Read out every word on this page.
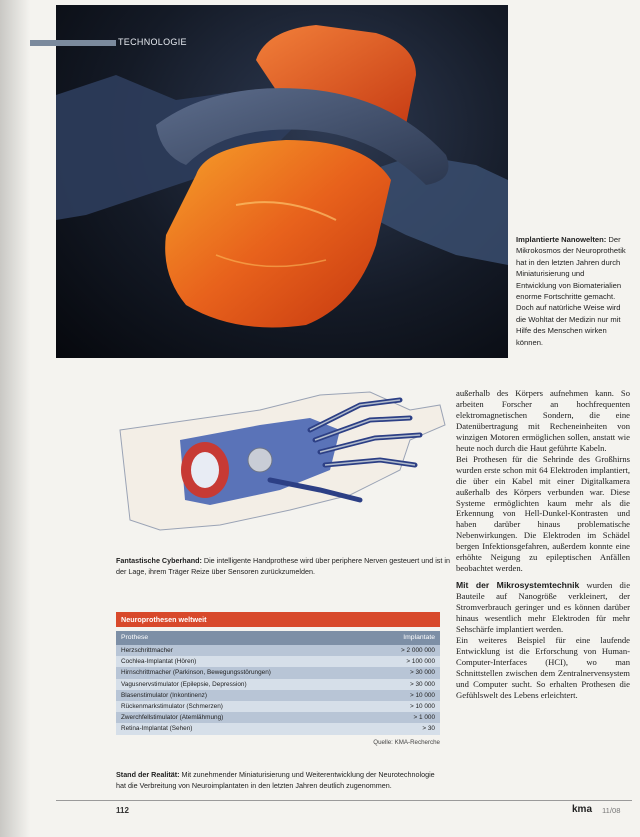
TECHNOLOGIE
Implantierte Nanowelten: Der Mikrokosmos der Neuroprothetik hat in den letzten Jahren durch Miniaturisierung und Entwicklung von Biomaterialien enorme Fortschritte gemacht. Doch auf natürliche Weise wird die Wohltat der Medizin nur mit Hilfe des Menschen wirken können.
Fantastische Cyberhand: Die intelligente Handprothese wird über periphere Nerven gesteuert und ist in der Lage, ihrem Träger Reize über Sensoren zurückzumelden.
Neuroprothesen weltweit
Prothese	Implantate
Herzschrittmacher	> 2 000 000
Cochlea-Implantat (Hören)	> 100 000
Hirnschrittmacher (Parkinson, Bewegungsstörungen)	> 30 000
Vagusnervstimulator (Epilepsie, Depression)	> 30 000
Blasenstimulator (Inkontinenz)	> 10 000
Rückenmarkstimulator (Schmerzen)	> 10 000
Zwerchfellstimulator (Atemlähmung)	> 1 000
Retina-Implantat (Sehen)	> 30
Quelle: KMA-Recherche
Stand der Realität: Mit zunehmender Miniaturisierung und Weiterentwicklung der Neurotechnologie hat die Verbreitung von Neuroimplantaten in den letzten Jahren deutlich zugenommen.

außerhalb des Körpers aufnehmen kann. So arbeiten Forscher an hochfrequenten elektromagnetischen Sondern, die eine Datenübertragung mit Recheneinheiten von winzigen Motoren ermöglichen sollen, anstatt wie heute noch durch die Haut geführte Kabeln.

Bei Prothesen für die Sehrinde des Großhirns wurden erste schon mit 64 Elektroden implantiert, die über ein Kabel mit einer Digitalkamera außerhalb des Körpers verbunden war. Diese Systeme ermöglichten kaum mehr als die Erkennung von Hell-Dunkel-Kontrasten und haben darüber hinaus problematische Nebenwirkungen. Die Elektroden im Schädel bergen Infektionsgefahren, außerdem konnte eine erhöhte Neigung zu epileptischen Anfällen beobachtet werden.

Mit der Mikrosystemtechnik wurden die Bauteile auf Nanogröße verkleinert, der Stromverbrauch geringer und es können darüber hinaus wesentlich mehr Elektroden für mehr Sehschärfe implantiert werden.

Ein weiteres Beispiel für eine laufende Entwicklung ist die Erforschung von Human-Computer-Interfaces (HCI), wo man Schnittstellen zwischen dem Zentralnervensystem und Computer sucht. So erhalten Prothesen die Gefühlswelt des Lebens erleichtert.

112	kma 11/08
